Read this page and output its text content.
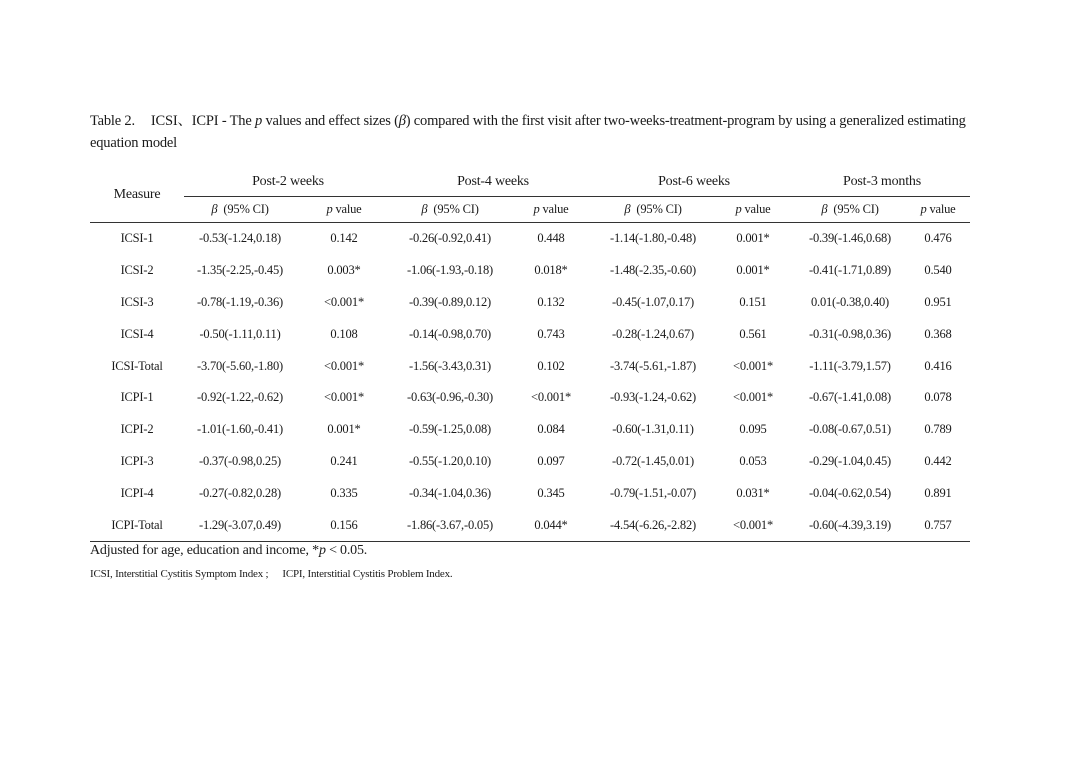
Table 2. ICSI、ICPI - The p values and effect sizes (β) compared with the first visit after two-weeks-treatment-program by using a generalized estimating equation model
Measure	Post-2 weeks		Post-4 weeks		Post-6 weeks		Post-3 months	
	β  (95% CI)	p value	β  (95% CI)	p value	β  (95% CI)	p value	β  (95% CI)	p value
ICSI-1	-0.53(-1.24,0.18)	0.142	-0.26(-0.92,0.41)	0.448	-1.14(-1.80,-0.48)	0.001*	-0.39(-1.46,0.68)	0.476
ICSI-2	-1.35(-2.25,-0.45)	0.003*	-1.06(-1.93,-0.18)	0.018*	-1.48(-2.35,-0.60)	0.001*	-0.41(-1.71,0.89)	0.540
ICSI-3	-0.78(-1.19,-0.36)	<0.001*	-0.39(-0.89,0.12)	0.132	-0.45(-1.07,0.17)	0.151	0.01(-0.38,0.40)	0.951
ICSI-4	-0.50(-1.11,0.11)	0.108	-0.14(-0.98,0.70)	0.743	-0.28(-1.24,0.67)	0.561	-0.31(-0.98,0.36)	0.368
ICSI-Total	-3.70(-5.60,-1.80)	<0.001*	-1.56(-3.43,0.31)	0.102	-3.74(-5.61,-1.87)	<0.001*	-1.11(-3.79,1.57)	0.416
ICPI-1	-0.92(-1.22,-0.62)	<0.001*	-0.63(-0.96,-0.30)	<0.001*	-0.93(-1.24,-0.62)	<0.001*	-0.67(-1.41,0.08)	0.078
ICPI-2	-1.01(-1.60,-0.41)	0.001*	-0.59(-1.25,0.08)	0.084	-0.60(-1.31,0.11)	0.095	-0.08(-0.67,0.51)	0.789
ICPI-3	-0.37(-0.98,0.25)	0.241	-0.55(-1.20,0.10)	0.097	-0.72(-1.45,0.01)	0.053	-0.29(-1.04,0.45)	0.442
ICPI-4	-0.27(-0.82,0.28)	0.335	-0.34(-1.04,0.36)	0.345	-0.79(-1.51,-0.07)	0.031*	-0.04(-0.62,0.54)	0.891
ICPI-Total	-1.29(-3.07,0.49)	0.156	-1.86(-3.67,-0.05)	0.044*	-4.54(-6.26,-2.82)	<0.001*	-0.60(-4.39,3.19)	0.757
Adjusted for age, education and income, *p < 0.05.
ICSI, Interstitial Cystitis Symptom Index ; ICPI, Interstitial Cystitis Problem Index.
